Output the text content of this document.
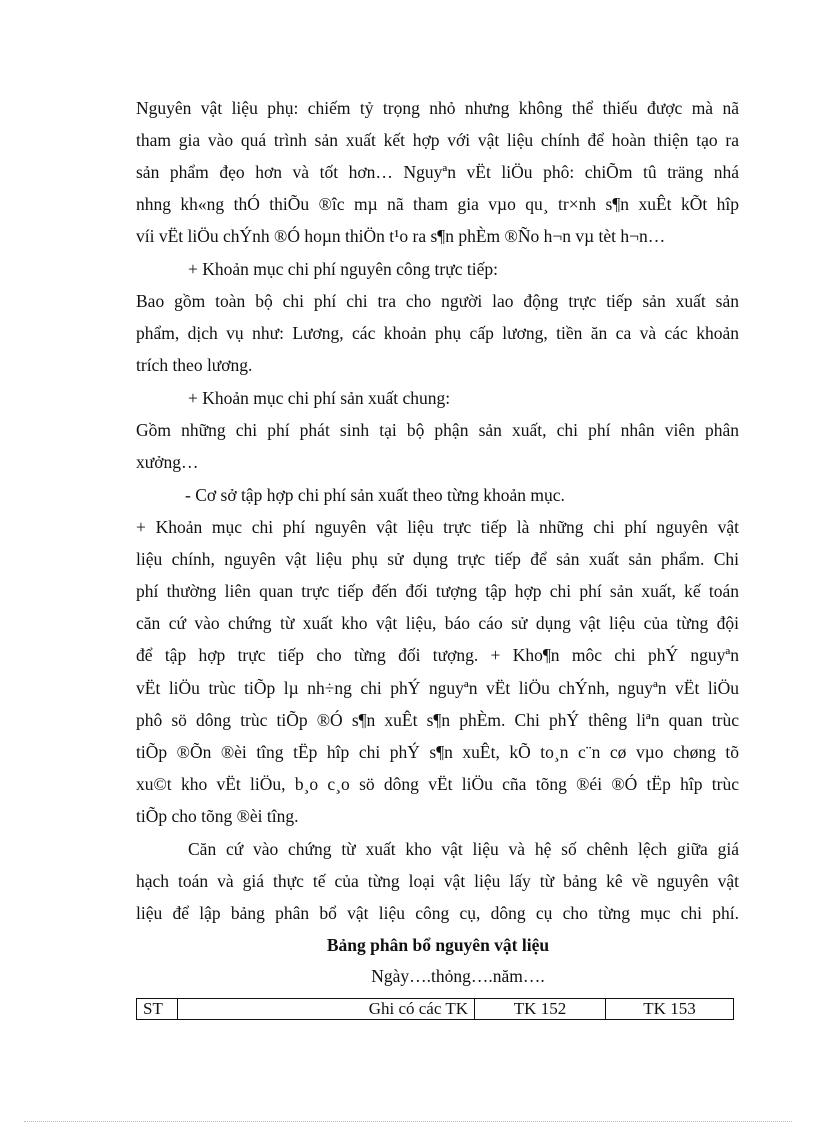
Nguyên vật liệu phụ: chiếm tỷ trọng nhỏ nhưng không thể thiếu được mà nã
tham gia vào quá trình sản xuất kết hợp với vật liệu chính để hoàn thiện tạo ra
sản phẩm đẹo hơn và tốt hơn… Nguyªn vËt liÖu phô: chiÕm tû träng nhá
nhng kh«ng thÓ thiÕu ®îc mµ nã tham gia vµo qu¸ tr×nh s¶n xuÊt kÕt hîp
víi vËt liÖu chÝnh ®Ó hoµn thiÖn t¹o ra s¶n phÈm ®Ño h¬n vµ tèt h¬n…
+ Khoản mục chi phí nguyên công trực tiếp:
Bao gồm toàn bộ chi phí chi tra cho người lao động trực tiếp sản xuất sản
phẩm, dịch vụ như: Lương, các khoản phụ cấp lương, tiền ăn ca và các khoản
trích theo lương.
+ Khoản mục chi phí sản xuất chung:
Gồm những chi phí phát sinh tại bộ phận sản xuất, chi phí nhân viên phân
xưởng…
- Cơ sở tập hợp chi phí sản xuất theo từng khoản mục.
+ Khoản mục chi phí nguyên vật liệu trực tiếp là những chi phí nguyên vật
liệu chính, nguyên vật liệu phụ sử dụng trực tiếp để sản xuất sản phẩm. Chi
phí thường liên quan trực tiếp đến đối tượng tập hợp chi phí sản xuất, kế toán
căn cứ vào chứng từ xuất kho vật liệu, báo cáo sử dụng vật liệu của từng đội
để tập hợp trực tiếp cho từng đối tượng. + Kho¶n môc chi phÝ nguyªn
vËt liÖu trùc tiÕp lµ nh÷ng chi phÝ nguyªn vËt liÖu chÝnh, nguyªn vËt liÖu
phô sö dông trùc tiÕp ®Ó s¶n xuÊt s¶n phÈm. Chi phÝ thêng liªn quan trùc
tiÕp ®Õn ®èi tîng tËp hîp chi phÝ s¶n xuÊt, kÕ to¸n c¨n cø vµo chøng tõ
xu©t kho vËt liÖu, b¸o c¸o sö dông vËt liÖu cña tõng ®éi ®Ó tËp hîp trùc
tiÕp cho tõng ®èi tîng.
Căn cứ vào chứng từ xuất kho vật liệu và hệ số chênh lệch giữa giá
hạch toán và giá thực tế của từng loại vật liệu lấy từ bảng kê về nguyên vật
liệu để lập bảng phân bổ vật liệu công cụ, dông cụ cho từng mục chi phí.
Bảng phân bổ nguyên vật liệu
Ngày….thỏng….năm….
ST	Ghi có các TK	TK 152	TK 153
